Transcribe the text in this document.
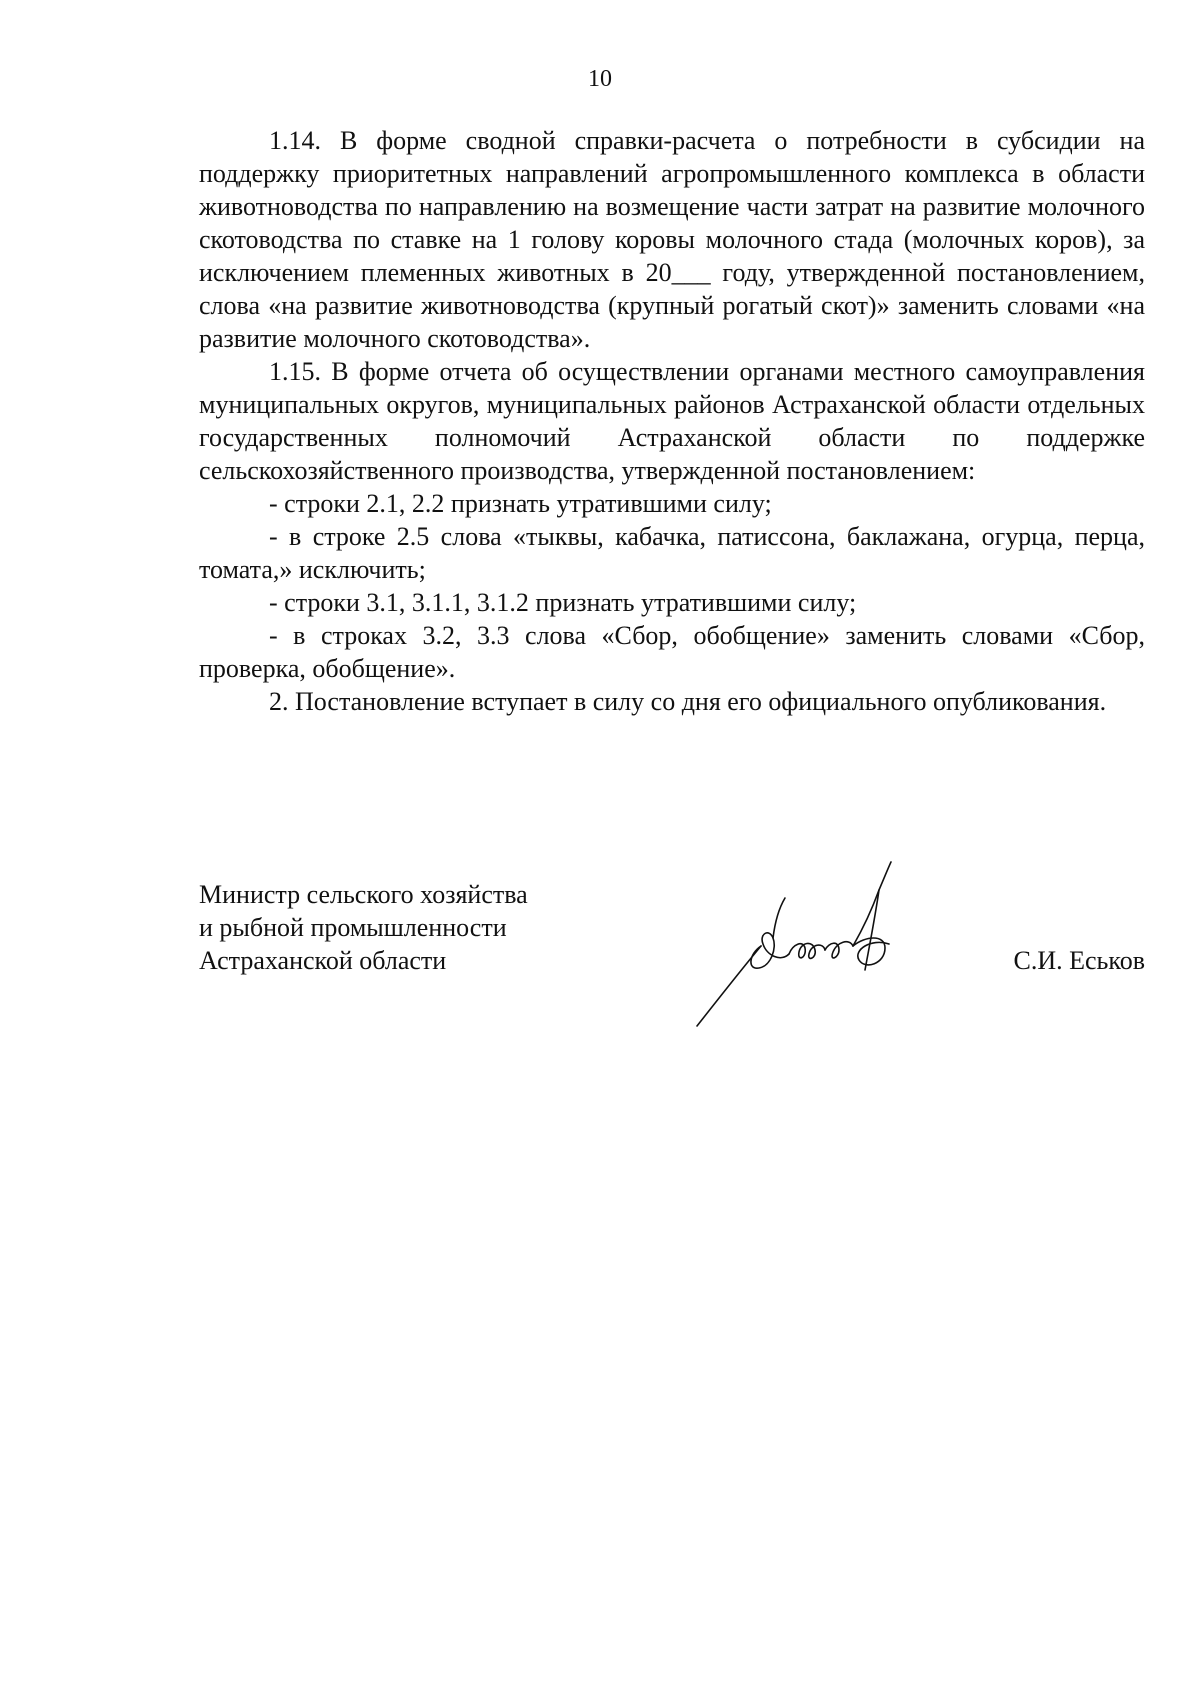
10

1.14. В форме сводной справки-расчета о потребности в субсидии на поддержку приоритетных направлений агропромышленного комплекса в области животноводства по направлению на возмещение части затрат на развитие молочного скотоводства по ставке на 1 голову коровы молочного стада (молочных коров), за исключением племенных животных в 20___ году, утвержденной постановлением, слова «на развитие животноводства (крупный рогатый скот)» заменить словами «на развитие молочного скотоводства».

1.15. В форме отчета об осуществлении органами местного самоуправления муниципальных округов, муниципальных районов Астраханской области отдельных государственных полномочий Астраханской области по поддержке сельскохозяйственного производства, утвержденной постановлением:

- строки 2.1, 2.2 признать утратившими силу;

- в строке 2.5 слова «тыквы, кабачка, патиссона, баклажана, огурца, перца, томата,» исключить;

- строки 3.1, 3.1.1, 3.1.2 признать утратившими силу;

- в строках 3.2, 3.3 слова «Сбор, обобщение» заменить словами «Сбор, проверка, обобщение».

2. Постановление вступает в силу со дня его официального опубликования.

Министр сельского хозяйства
и рыбной промышленности
Астраханской области	С.И. Еськов
